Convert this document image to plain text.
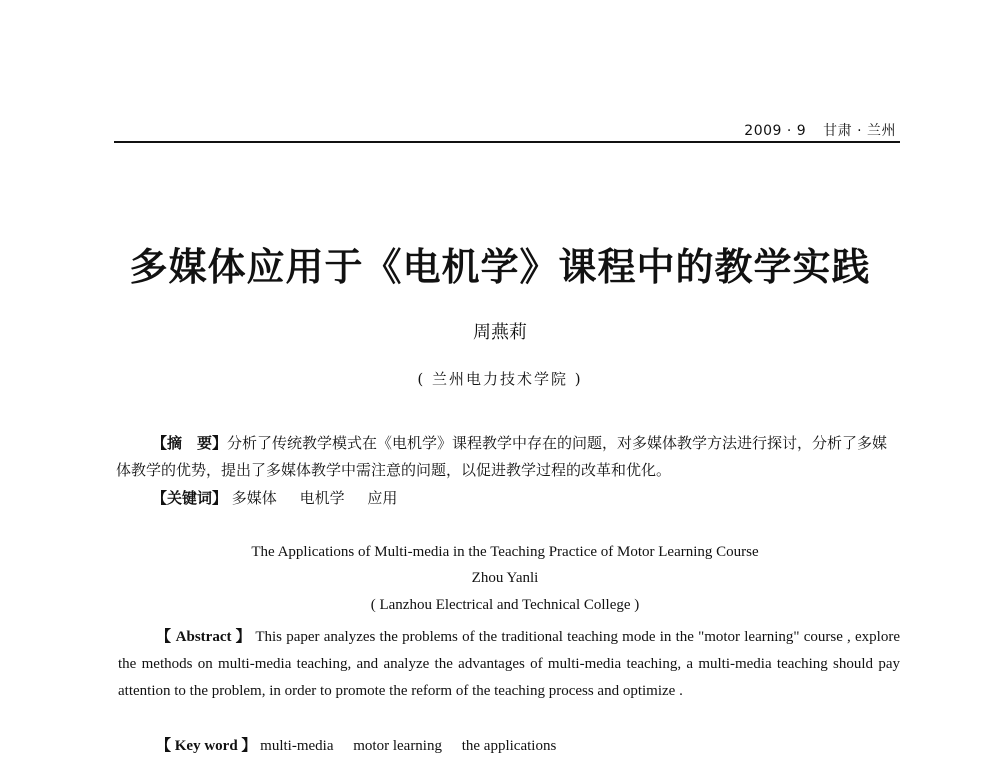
2009 · 9 甘肃 · 兰州
多媒体应用于《电机学》课程中的教学实践
周燕莉
( 兰州电力技术学院 )
【摘　要】分析了传统教学模式在《电机学》课程教学中存在的问题，对多媒体教学方法进行探讨，分析了多媒体教学的优势，提出了多媒体教学中需注意的问题，以促进教学过程的改革和优化。
【关键词】 多媒体 电机学 应用
The Applications of Multi-media in the Teaching Practice of Motor Learning Course
Zhou Yanli
( Lanzhou Electrical and Technical College )
【 Abstract 】 This paper analyzes the problems of the traditional teaching mode in the "motor learning" course , explore the methods on multi-media teaching, and analyze the advantages of multi-media teaching, a multi-media teaching should pay attention to the problem, in order to promote the reform of the teaching process and optimize .
【 Key word 】 multi-media motor learning the applications
